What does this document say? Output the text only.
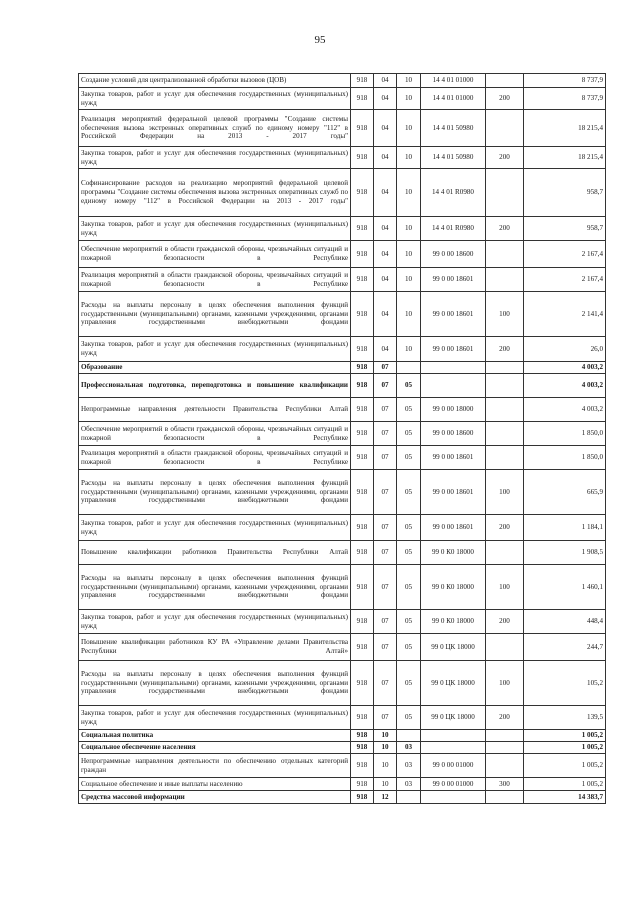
95
Создание условий для централизованной обработки вызовов (ЦОВ)	918	04	10	14 4 01 01000		8 737,9
Закупка товаров, работ и услуг для обеспечения государственных (муниципальных) нужд	918	04	10	14 4 01 01000	200	8 737,9
Реализация мероприятий федеральной целевой программы "Создание системы обеспечения вызова экстренных оперативных служб по единому номеру "112" в Российской Федерации на 2013 - 2017 годы"	918	04	10	14 4 01 50980		18 215,4
Закупка товаров, работ и услуг для обеспечения государственных (муниципальных) нужд	918	04	10	14 4 01 50980	200	18 215,4
Софинансирование расходов на реализацию мероприятий федеральной целевой программы "Создание системы обеспечения вызова экстренных оперативных служб по единому номеру "112" в Российской Федерации на 2013 - 2017 годы"	918	04	10	14 4 01 R0980		958,7
Закупка товаров, работ и услуг для обеспечения государственных (муниципальных) нужд	918	04	10	14 4 01 R0980	200	958,7
Обеспечение мероприятий в области гражданской обороны, чрезвычайных ситуаций и пожарной безопасности в Республике	918	04	10	99 0 00 18600		2 167,4
Реализация мероприятий в области гражданской обороны, чрезвычайных ситуаций и пожарной безопасности в Республике	918	04	10	99 0 00 18601		2 167,4
Расходы на выплаты персоналу в целях обеспечения выполнения функций государственными (муниципальными) органами, казенными учреждениями, органами управления государственными внебюджетными фондами	918	04	10	99 0 00 18601	100	2 141,4
Закупка товаров, работ и услуг для обеспечения государственных (муниципальных) нужд	918	04	10	99 0 00 18601	200	26,0
Образование	918	07				4 003,2
Профессиональная подготовка, переподготовка и повышение квалификации	918	07	05			4 003,2
Непрограммные направления деятельности Правительства Республики Алтай	918	07	05	99 0 00 18000		4 003,2
Обеспечение мероприятий в области гражданской обороны, чрезвычайных ситуаций и пожарной безопасности в Республике	918	07	05	99 0 00 18600		1 850,0
Реализация мероприятий в области гражданской обороны, чрезвычайных ситуаций и пожарной безопасности в Республике	918	07	05	99 0 00 18601		1 850,0
Расходы на выплаты персоналу в целях обеспечения выполнения функций государственными (муниципальными) органами, казенными учреждениями, органами управления государственными внебюджетными фондами	918	07	05	99 0 00 18601	100	665,9
Закупка товаров, работ и услуг для обеспечения государственных (муниципальных) нужд	918	07	05	99 0 00 18601	200	1 184,1
Повышение квалификации работников Правительства Республики Алтай	918	07	05	99 0 К0 18000		1 908,5
Расходы на выплаты персоналу в целях обеспечения выполнения функций государственными (муниципальными) органами, казенными учреждениями, органами управления государственными внебюджетными фондами	918	07	05	99 0 К0 18000	100	1 460,1
Закупка товаров, работ и услуг для обеспечения государственных (муниципальных) нужд	918	07	05	99 0 К0 18000	200	448,4
Повышение квалификации работников КУ РА «Управление делами Правительства Республики Алтай»	918	07	05	99 0 ЦК 18000		244,7
Расходы на выплаты персоналу в целях обеспечения выполнения функций государственными (муниципальными) органами, казенными учреждениями, органами управления государственными внебюджетными фондами	918	07	05	99 0 ЦК 18000	100	105,2
Закупка товаров, работ и услуг для обеспечения государственных (муниципальных) нужд	918	07	05	99 0 ЦК 18000	200	139,5
Социальная политика	918	10				1 005,2
Социальное обеспечение населения	918	10	03			1 005,2
Непрограммные направления деятельности по обеспечению отдельных категорий граждан	918	10	03	99 0 00 01000		1 005,2
Социальное обеспечение и иные выплаты населению	918	10	03	99 0 00 01000	300	1 005,2
Средства массовой информации	918	12				14 383,7
